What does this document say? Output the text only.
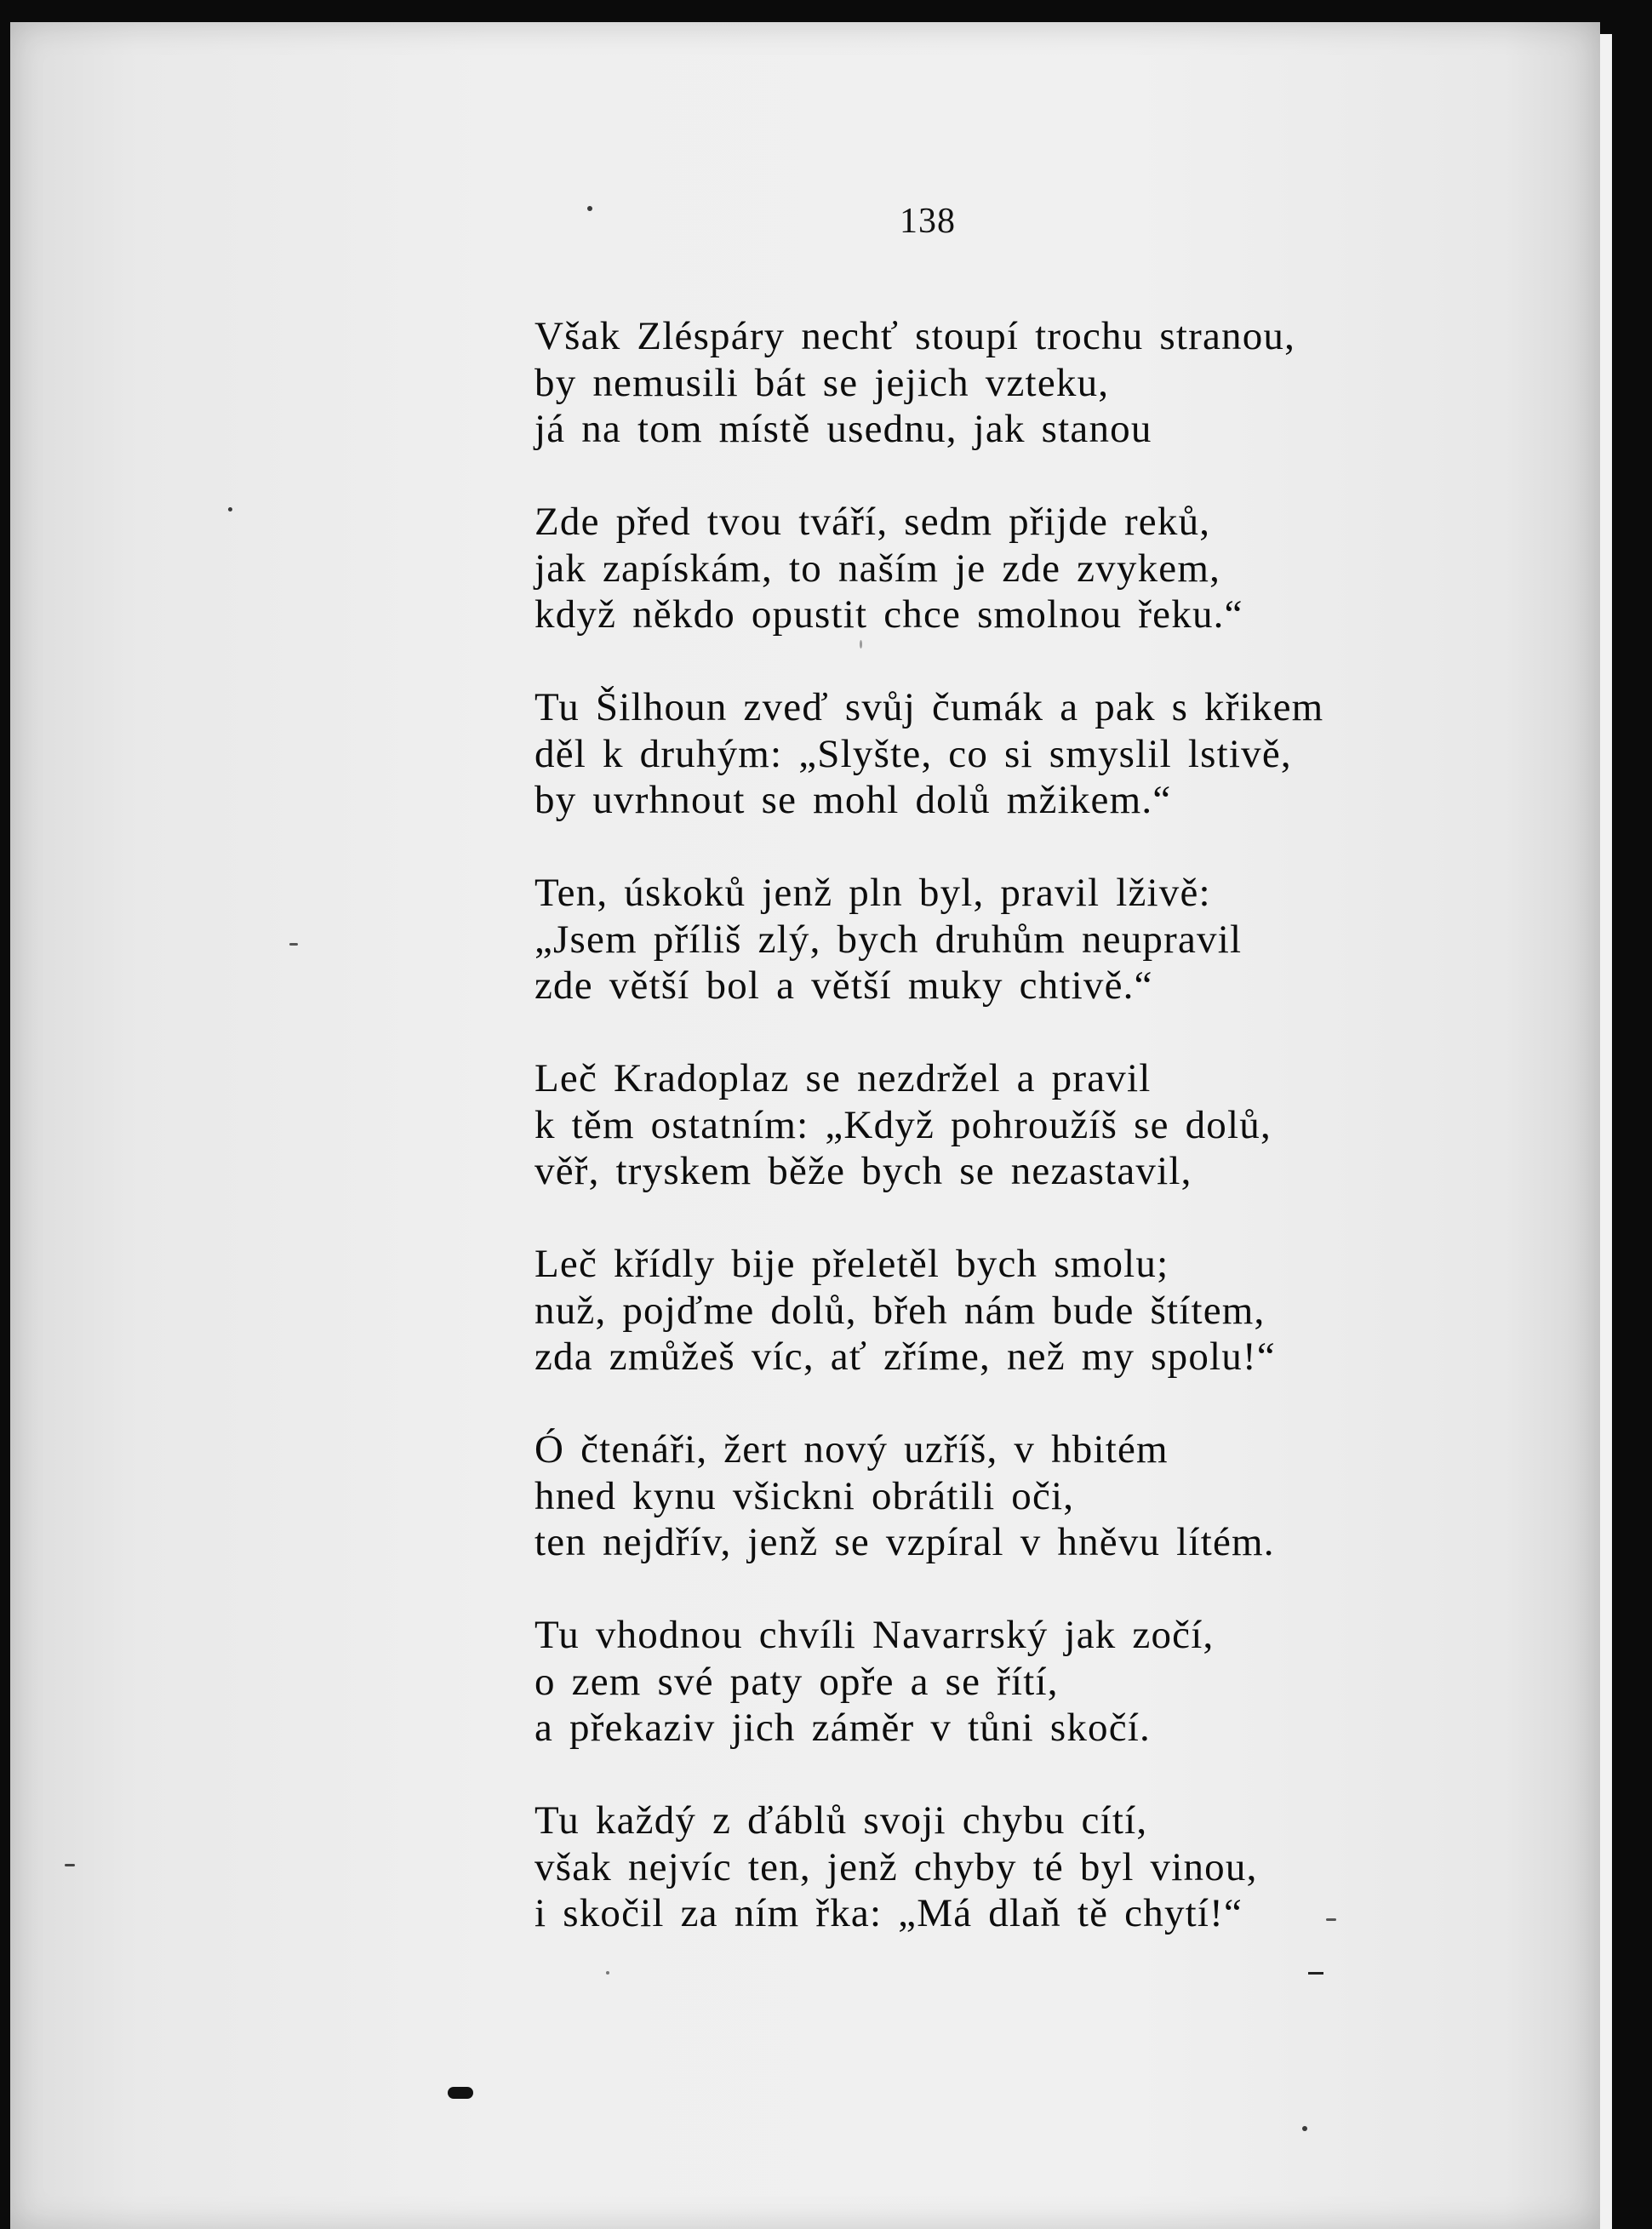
138
Však Zléspáry nechť stoupí trochu stranou,
by nemusili bát se jejich vzteku,
já na tom místě usednu, jak stanou
Zde před tvou tváří, sedm přijde reků,
jak zapískám, to naším je zde zvykem,
když někdo opustit chce smolnou řeku.“
Tu Šilhoun zveď svůj čumák a pak s křikem
děl k druhým: „Slyšte, co si smyslil lstivě,
by uvrhnout se mohl dolů mžikem.“
Ten, úskoků jenž pln byl, pravil lživě:
„Jsem příliš zlý, bych druhům neupravil
zde větší bol a větší muky chtivě.“
Leč Kradoplaz se nezdržel a pravil
k těm ostatním: „Když pohroužíš se dolů,
věř, tryskem běže bych se nezastavil,
Leč křídly bije přeletěl bych smolu;
nuž, pojďme dolů, břeh nám bude štítem,
zda zmůžeš víc, ať zříme, než my spolu!“
Ó čtenáři, žert nový uzříš, v hbitém
hned kynu všickni obrátili oči,
ten nejdřív, jenž se vzpíral v hněvu lítém.
Tu vhodnou chvíli Navarrský jak zočí,
o zem své paty opře a se řítí,
a překaziv jich záměr v tůni skočí.
Tu každý z ďáblů svoji chybu cítí,
však nejvíc ten, jenž chyby té byl vinou,
i skočil za ním řka: „Má dlaň tě chytí!“
